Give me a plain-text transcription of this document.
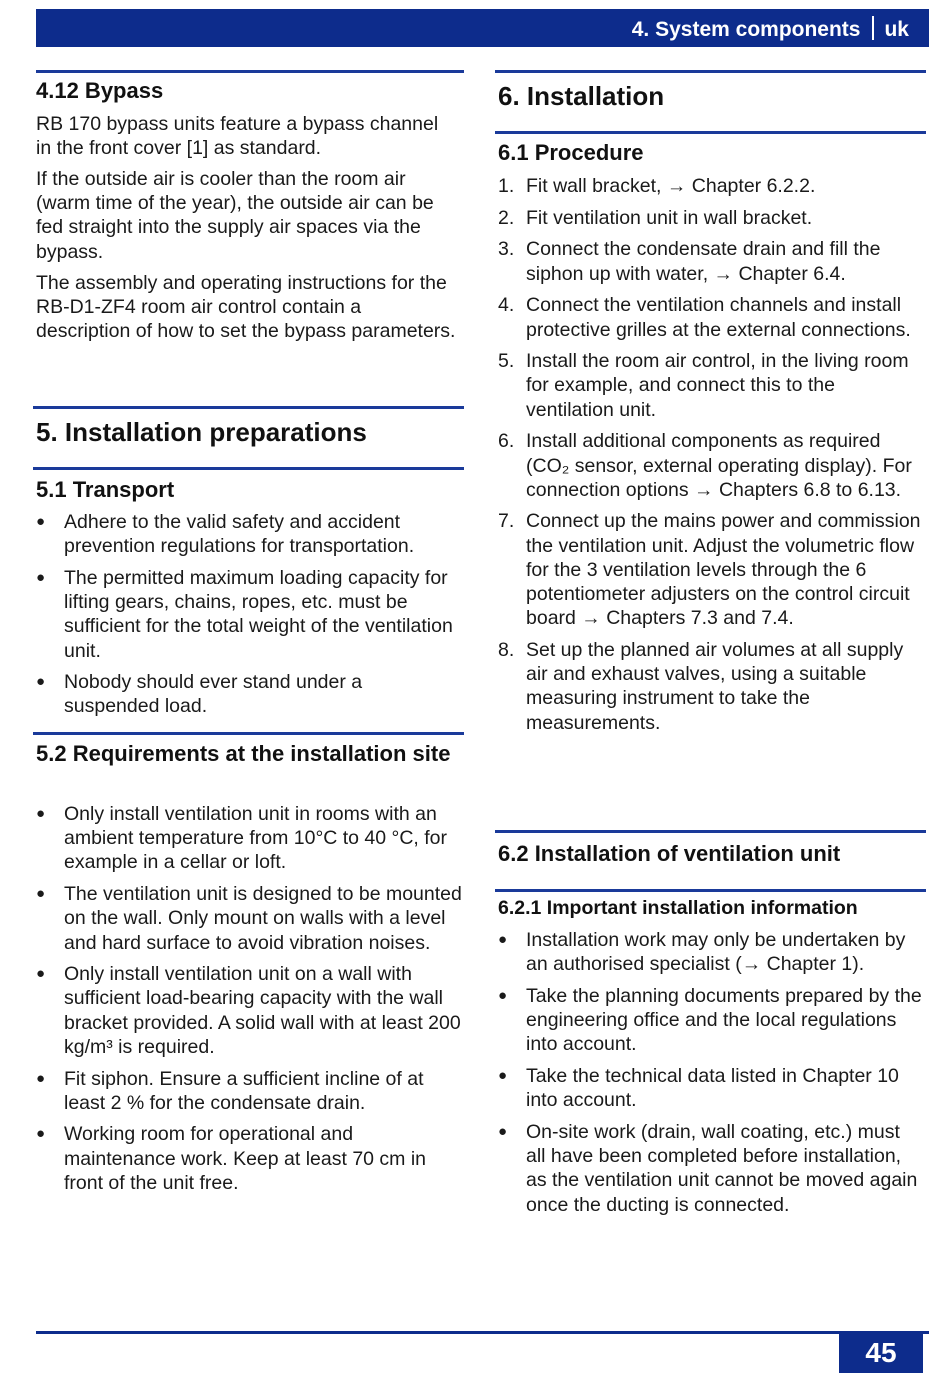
4. System components uk
4.12 Bypass

RB 170 bypass units feature a bypass channel in the front cover [1] as standard.

If the outside air is cooler than the room air (warm time of the year), the outside air can be fed straight into the supply air spaces via the bypass.

The assembly and operating instructions for the RB-D1-ZF4 room air control contain a description of how to set the bypass parameters.

5. Installation preparations
5.1 Transport
● Adhere to the valid safety and accident prevention regulations for transportation.
● The permitted maximum loading capacity for lifting gears, chains, ropes, etc. must be sufficient for the total weight of the ventilation unit.
● Nobody should ever stand under a suspended load.
5.2 Requirements at the installation site
● Only install ventilation unit in rooms with an ambient temperature from 10°C to 40 °C, for example in a cellar or loft.
● The ventilation unit is designed to be mounted on the wall. Only mount on walls with a level and hard surface to avoid vibration noises.
● Only install ventilation unit on a wall with sufficient load-bearing capacity with the wall bracket provided. A solid wall with at least 200 kg/m³ is required.
● Fit siphon. Ensure a sufficient incline of at least 2 % for the condensate drain.
● Working room for operational and maintenance work. Keep at least 70 cm in front of the unit free.
6. Installation
6.1 Procedure
1. Fit wall bracket, → Chapter 6.2.2.
2. Fit ventilation unit in wall bracket.
3. Connect the condensate drain and fill the siphon up with water, → Chapter 6.4.
4. Connect the ventilation channels and install protective grilles at the external connections.
5. Install the room air control, in the living room for example, and connect this to the ventilation unit.
6. Install additional components as required (CO₂ sensor, external operating display). For connection options → Chapters 6.8 to 6.13.
7. Connect up the mains power and commission the ventilation unit. Adjust the volumetric flow for the 3 ventilation levels through the 6 potentiometer adjusters on the control circuit board → Chapters 7.3 and 7.4.
8. Set up the planned air volumes at all supply air and exhaust valves, using a suitable measuring instrument to take the measurements.
6.2 Installation of ventilation unit
6.2.1 Important installation information
● Installation work may only be undertaken by an authorised specialist (→ Chapter 1).
● Take the planning documents prepared by the engineering office and the local regulations into account.
● Take the technical data listed in Chapter 10 into account.
● On-site work (drain, wall coating, etc.) must all have been completed before installation, as the ventilation unit cannot be moved again once the ducting is connected.
45
